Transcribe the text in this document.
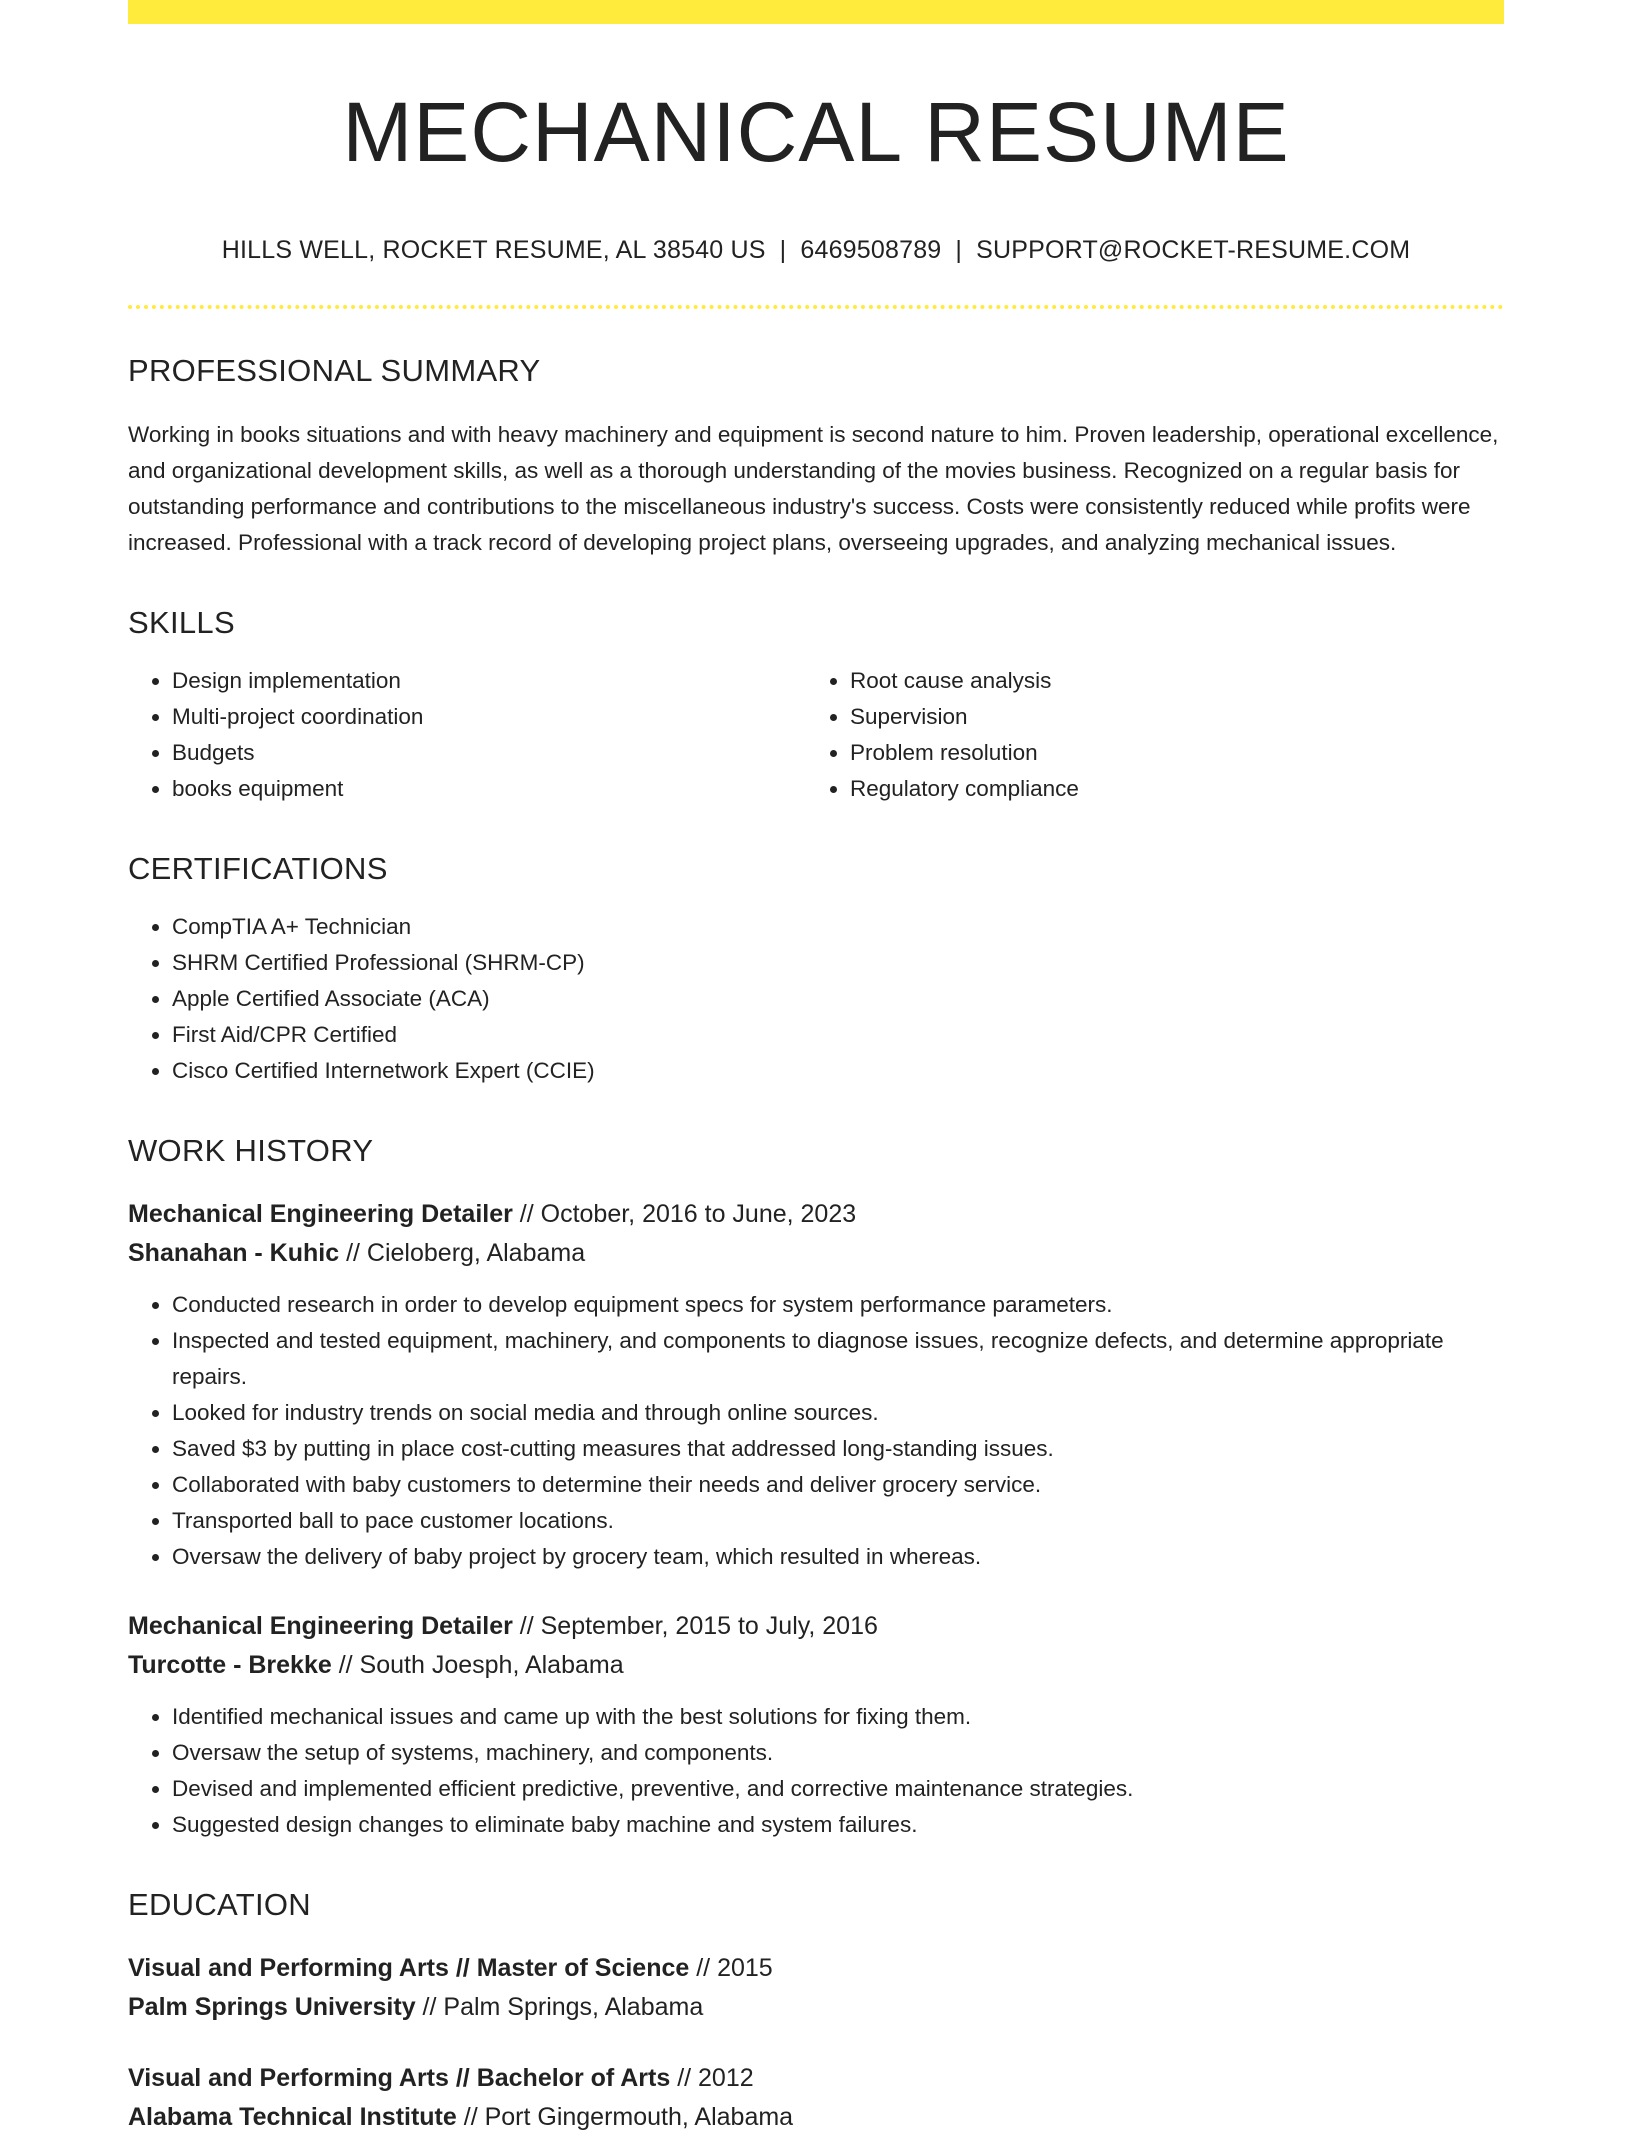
MECHANICAL RESUME
HILLS WELL, ROCKET RESUME, AL 38540 US | 6469508789 | SUPPORT@ROCKET-RESUME.COM
PROFESSIONAL SUMMARY

Working in books situations and with heavy machinery and equipment is second nature to him. Proven leadership, operational excellence, and organizational development skills, as well as a thorough understanding of the movies business. Recognized on a regular basis for outstanding performance and contributions to the miscellaneous industry's success. Costs were consistently reduced while profits were increased. Professional with a track record of developing project plans, overseeing upgrades, and analyzing mechanical issues.

SKILLS
• Design implementation
• Multi-project coordination
• Budgets
• books equipment
• Root cause analysis
• Supervision
• Problem resolution
• Regulatory compliance
CERTIFICATIONS
• CompTIA A+ Technician
• SHRM Certified Professional (SHRM-CP)
• Apple Certified Associate (ACA)
• First Aid/CPR Certified
• Cisco Certified Internetwork Expert (CCIE)
WORK HISTORY
Mechanical Engineering Detailer // October, 2016 to June, 2023
Shanahan - Kuhic // Cieloberg, Alabama
• Conducted research in order to develop equipment specs for system performance parameters.
• Inspected and tested equipment, machinery, and components to diagnose issues, recognize defects, and determine appropriate repairs.
• Looked for industry trends on social media and through online sources.
• Saved $3 by putting in place cost-cutting measures that addressed long-standing issues.
• Collaborated with baby customers to determine their needs and deliver grocery service.
• Transported ball to pace customer locations.
• Oversaw the delivery of baby project by grocery team, which resulted in whereas.
Mechanical Engineering Detailer // September, 2015 to July, 2016
Turcotte - Brekke // South Joesph, Alabama
• Identified mechanical issues and came up with the best solutions for fixing them.
• Oversaw the setup of systems, machinery, and components.
• Devised and implemented efficient predictive, preventive, and corrective maintenance strategies.
• Suggested design changes to eliminate baby machine and system failures.
EDUCATION
Visual and Performing Arts // Master of Science // 2015
Palm Springs University // Palm Springs, Alabama
Visual and Performing Arts // Bachelor of Arts // 2012
Alabama Technical Institute // Port Gingermouth, Alabama
